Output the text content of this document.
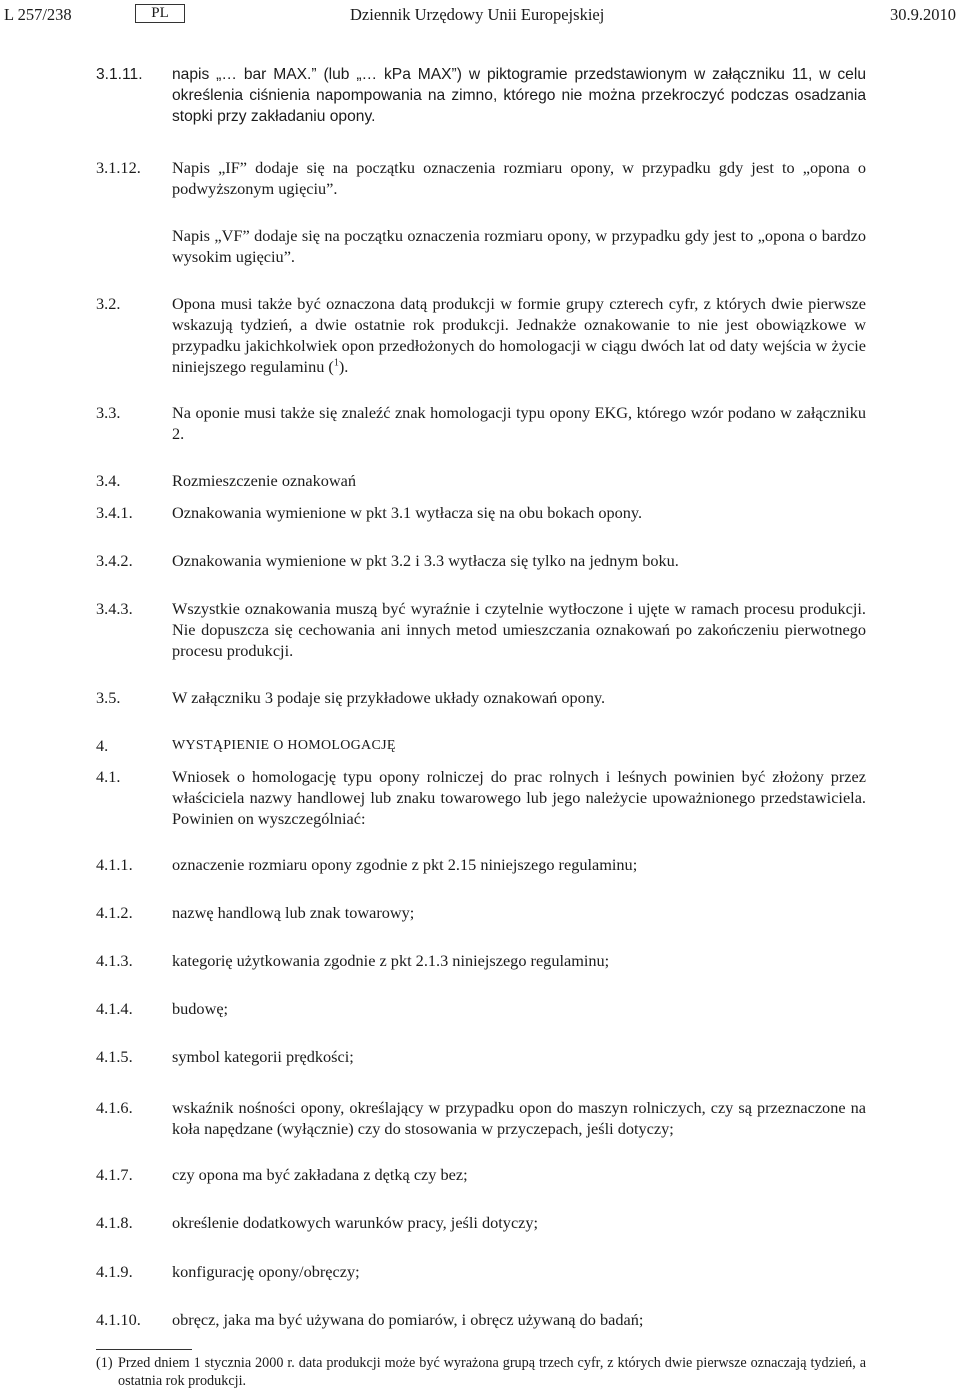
L 257/238	PL	Dziennik Urzędowy Unii Europejskiej	30.9.2010
3.1.11.	napis „… bar MAX.” (lub „… kPa MAX”) w piktogramie przedstawionym w załączniku 11, w celu określenia ciśnienia napompowania na zimno, którego nie można przekroczyć podczas osadzania stopki przy zakładaniu opony.
3.1.12.	Napis „IF” dodaje się na początku oznaczenia rozmiaru opony, w przypadku gdy jest to „opona o podwyższonym ugięciu”.
Napis „VF” dodaje się na początku oznaczenia rozmiaru opony, w przypadku gdy jest to „opona o bardzo wysokim ugięciu”.
3.2.	Opona musi także być oznaczona datą produkcji w formie grupy czterech cyfr, z których dwie pierwsze wskazują tydzień, a dwie ostatnie rok produkcji. Jednakże oznakowanie to nie jest obowiązkowe w przypadku jakichkolwiek opon przedłożonych do homologacji w ciągu dwóch lat od daty wejścia w życie niniejszego regulaminu ($^1$).
3.3.	Na oponie musi także się znaleźć znak homologacji typu opony EKG, którego wzór podano w załączniku 2.
3.4.	Rozmieszczenie oznakowań
3.4.1.	Oznakowania wymienione w pkt 3.1 wytłacza się na obu bokach opony.
3.4.2.	Oznakowania wymienione w pkt 3.2 i 3.3 wytłacza się tylko na jednym boku.
3.4.3.	Wszystkie oznakowania muszą być wyraźnie i czytelnie wytłoczone i ujęte w ramach procesu produkcji. Nie dopuszcza się cechowania ani innych metod umieszczania oznakowań po zakończeniu pierwotnego procesu produkcji.
3.5.	W załączniku 3 podaje się przykładowe układy oznakowań opony.
4.	WYSTĄPIENIE O HOMOLOGACJĘ
4.1.	Wniosek o homologację typu opony rolniczej do prac rolnych i leśnych powinien być złożony przez właściciela nazwy handlowej lub znaku towarowego lub jego należycie upoważnionego przedstawiciela. Powinien on wyszczególniać:
4.1.1.	oznaczenie rozmiaru opony zgodnie z pkt 2.15 niniejszego regulaminu;
4.1.2.	nazwę handlową lub znak towarowy;
4.1.3.	kategorię użytkowania zgodnie z pkt 2.1.3 niniejszego regulaminu;
4.1.4.	budowę;
4.1.5.	symbol kategorii prędkości;
4.1.6.	wskaźnik nośności opony, określający w przypadku opon do maszyn rolniczych, czy są przeznaczone na koła napędzane (wyłącznie) czy do stosowania w przyczepach, jeśli dotyczy;
4.1.7.	czy opona ma być zakładana z dętką czy bez;
4.1.8.	określenie dodatkowych warunków pracy, jeśli dotyczy;
4.1.9.	konfigurację opony/obręczy;
4.1.10.	obręcz, jaka ma być używana do pomiarów, i obręcz używaną do badań;
(1) Przed dniem 1 stycznia 2000 r. data produkcji może być wyrażona grupą trzech cyfr, z których dwie pierwsze oznaczają tydzień, a ostatnia rok produkcji.
